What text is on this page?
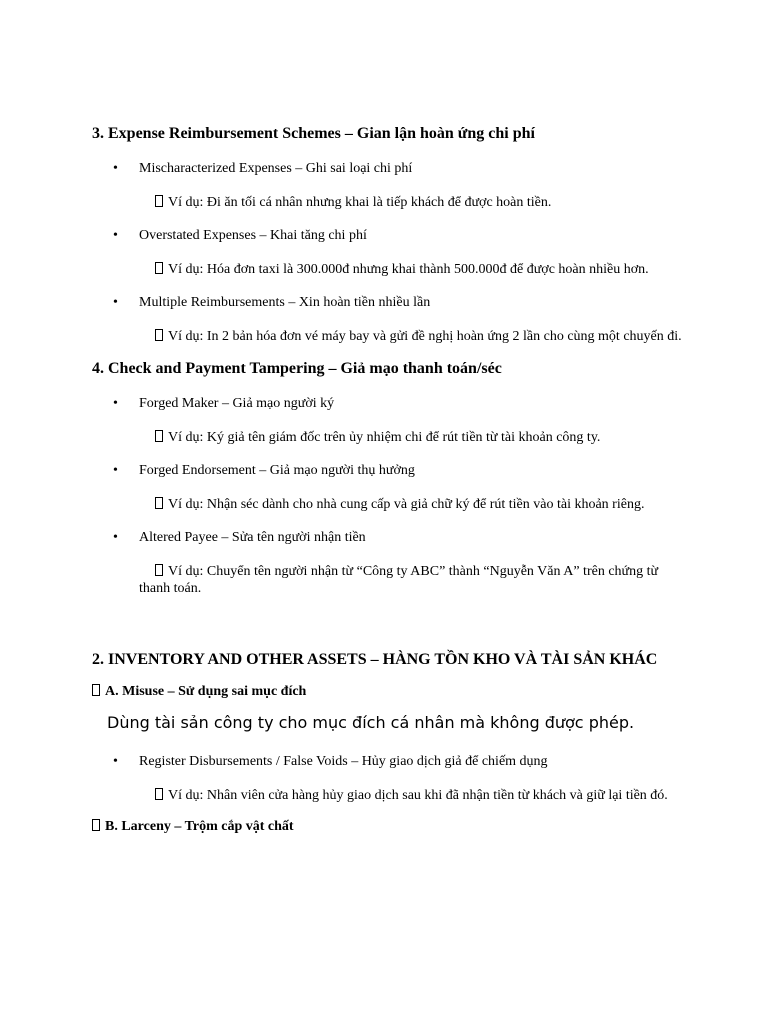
3. Expense Reimbursement Schemes – Gian lận hoàn ứng chi phí
• Mischaracterized Expenses – Ghi sai loại chi phí
Ví dụ: Đi ăn tối cá nhân nhưng khai là tiếp khách để được hoàn tiền.
• Overstated Expenses – Khai tăng chi phí
Ví dụ: Hóa đơn taxi là 300.000đ nhưng khai thành 500.000đ để được hoàn nhiều hơn.
• Multiple Reimbursements – Xin hoàn tiền nhiều lần
Ví dụ: In 2 bản hóa đơn vé máy bay và gửi đề nghị hoàn ứng 2 lần cho cùng một chuyến đi.
4. Check and Payment Tampering – Giả mạo thanh toán/séc
• Forged Maker – Giả mạo người ký
Ví dụ: Ký giả tên giám đốc trên ủy nhiệm chi để rút tiền từ tài khoản công ty.
• Forged Endorsement – Giả mạo người thụ hưởng
Ví dụ: Nhận séc dành cho nhà cung cấp và giả chữ ký để rút tiền vào tài khoản riêng.
• Altered Payee – Sửa tên người nhận tiền
Ví dụ: Chuyển tên người nhận từ “Công ty ABC” thành “Nguyễn Văn A” trên chứng từ thanh toán.
2. INVENTORY AND OTHER ASSETS – HÀNG TỒN KHO VÀ TÀI SẢN KHÁC
A. Misuse – Sử dụng sai mục đích
Dùng tài sản công ty cho mục đích cá nhân mà không được phép.
• Register Disbursements / False Voids – Hủy giao dịch giả để chiếm dụng
Ví dụ: Nhân viên cửa hàng hủy giao dịch sau khi đã nhận tiền từ khách và giữ lại tiền đó.
B. Larceny – Trộm cắp vật chất
